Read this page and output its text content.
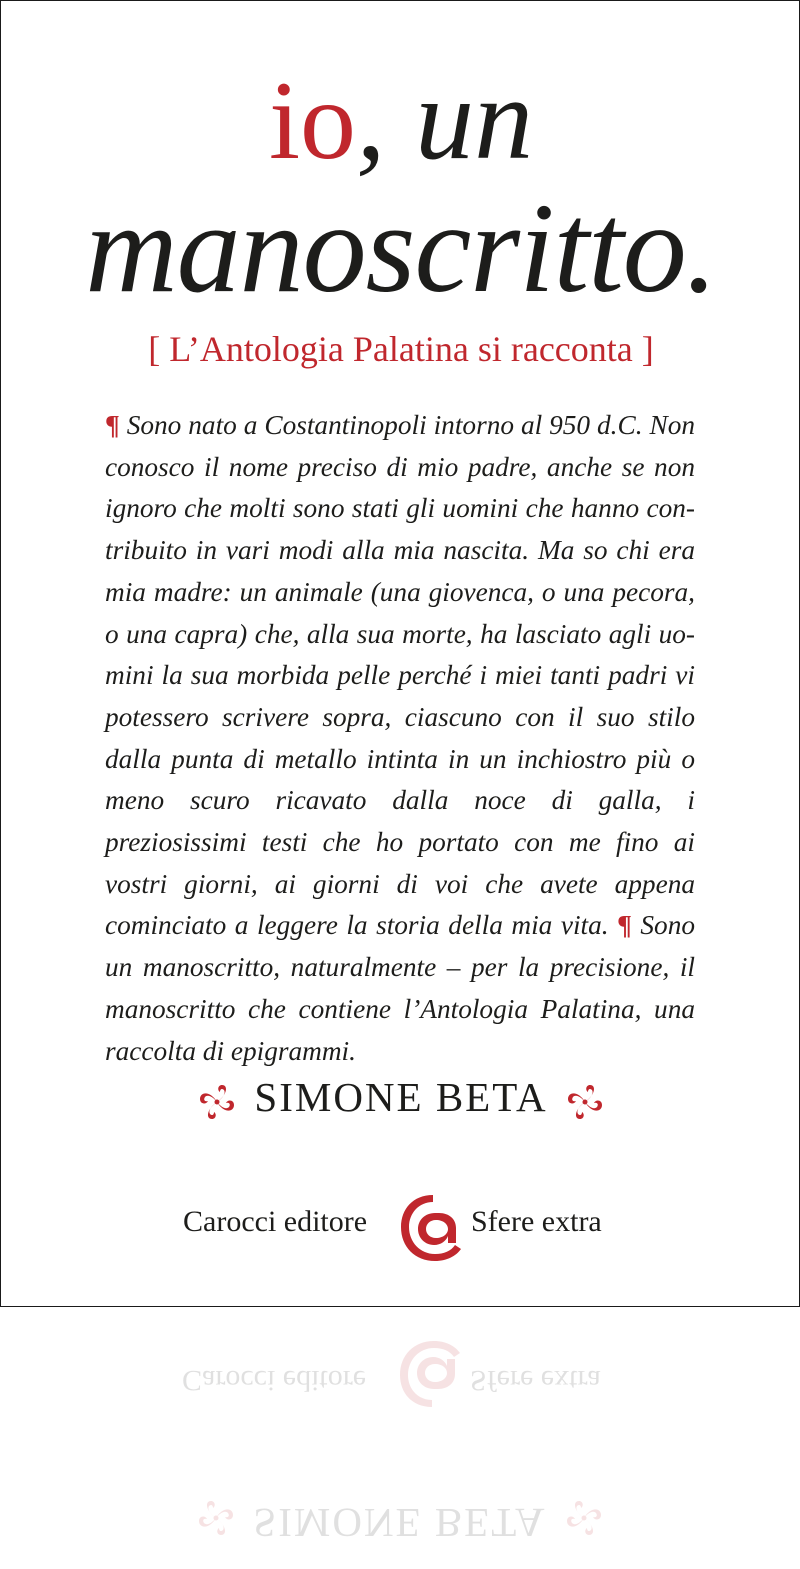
io, un
manoscritto.
[ L’Antologia Palatina si racconta ]

¶ Sono nato a Costantinopoli intorno al 950 d.C. Non conosco il nome preciso di mio padre, anche se non ignoro che molti sono stati gli uomini che hanno contribuito in vari modi alla mia nascita. Ma so chi era mia madre: un animale (una giovenca, o una pecora, o una capra) che, alla sua morte, ha lasciato agli uomini la sua morbida pelle perché i miei tanti padri vi potessero scrivere sopra, ciascuno con il suo stilo dalla punta di metallo intinta in un inchiostro più o meno scuro ricavato dalla noce di galla, i preziosissimi testi che ho portato con me fino ai vostri giorni, ai giorni di voi che avete appena cominciato a leggere la storia della mia vita. ¶ Sono un manoscritto, naturalmente – per la precisione, il manoscritto che contiene l’Antologia Palatina, una raccolta di epigrammi.

SIMONE BETA
Carocci editore	Sfere extra
Carocci editore	Sfere extra
SIMONE BETA
